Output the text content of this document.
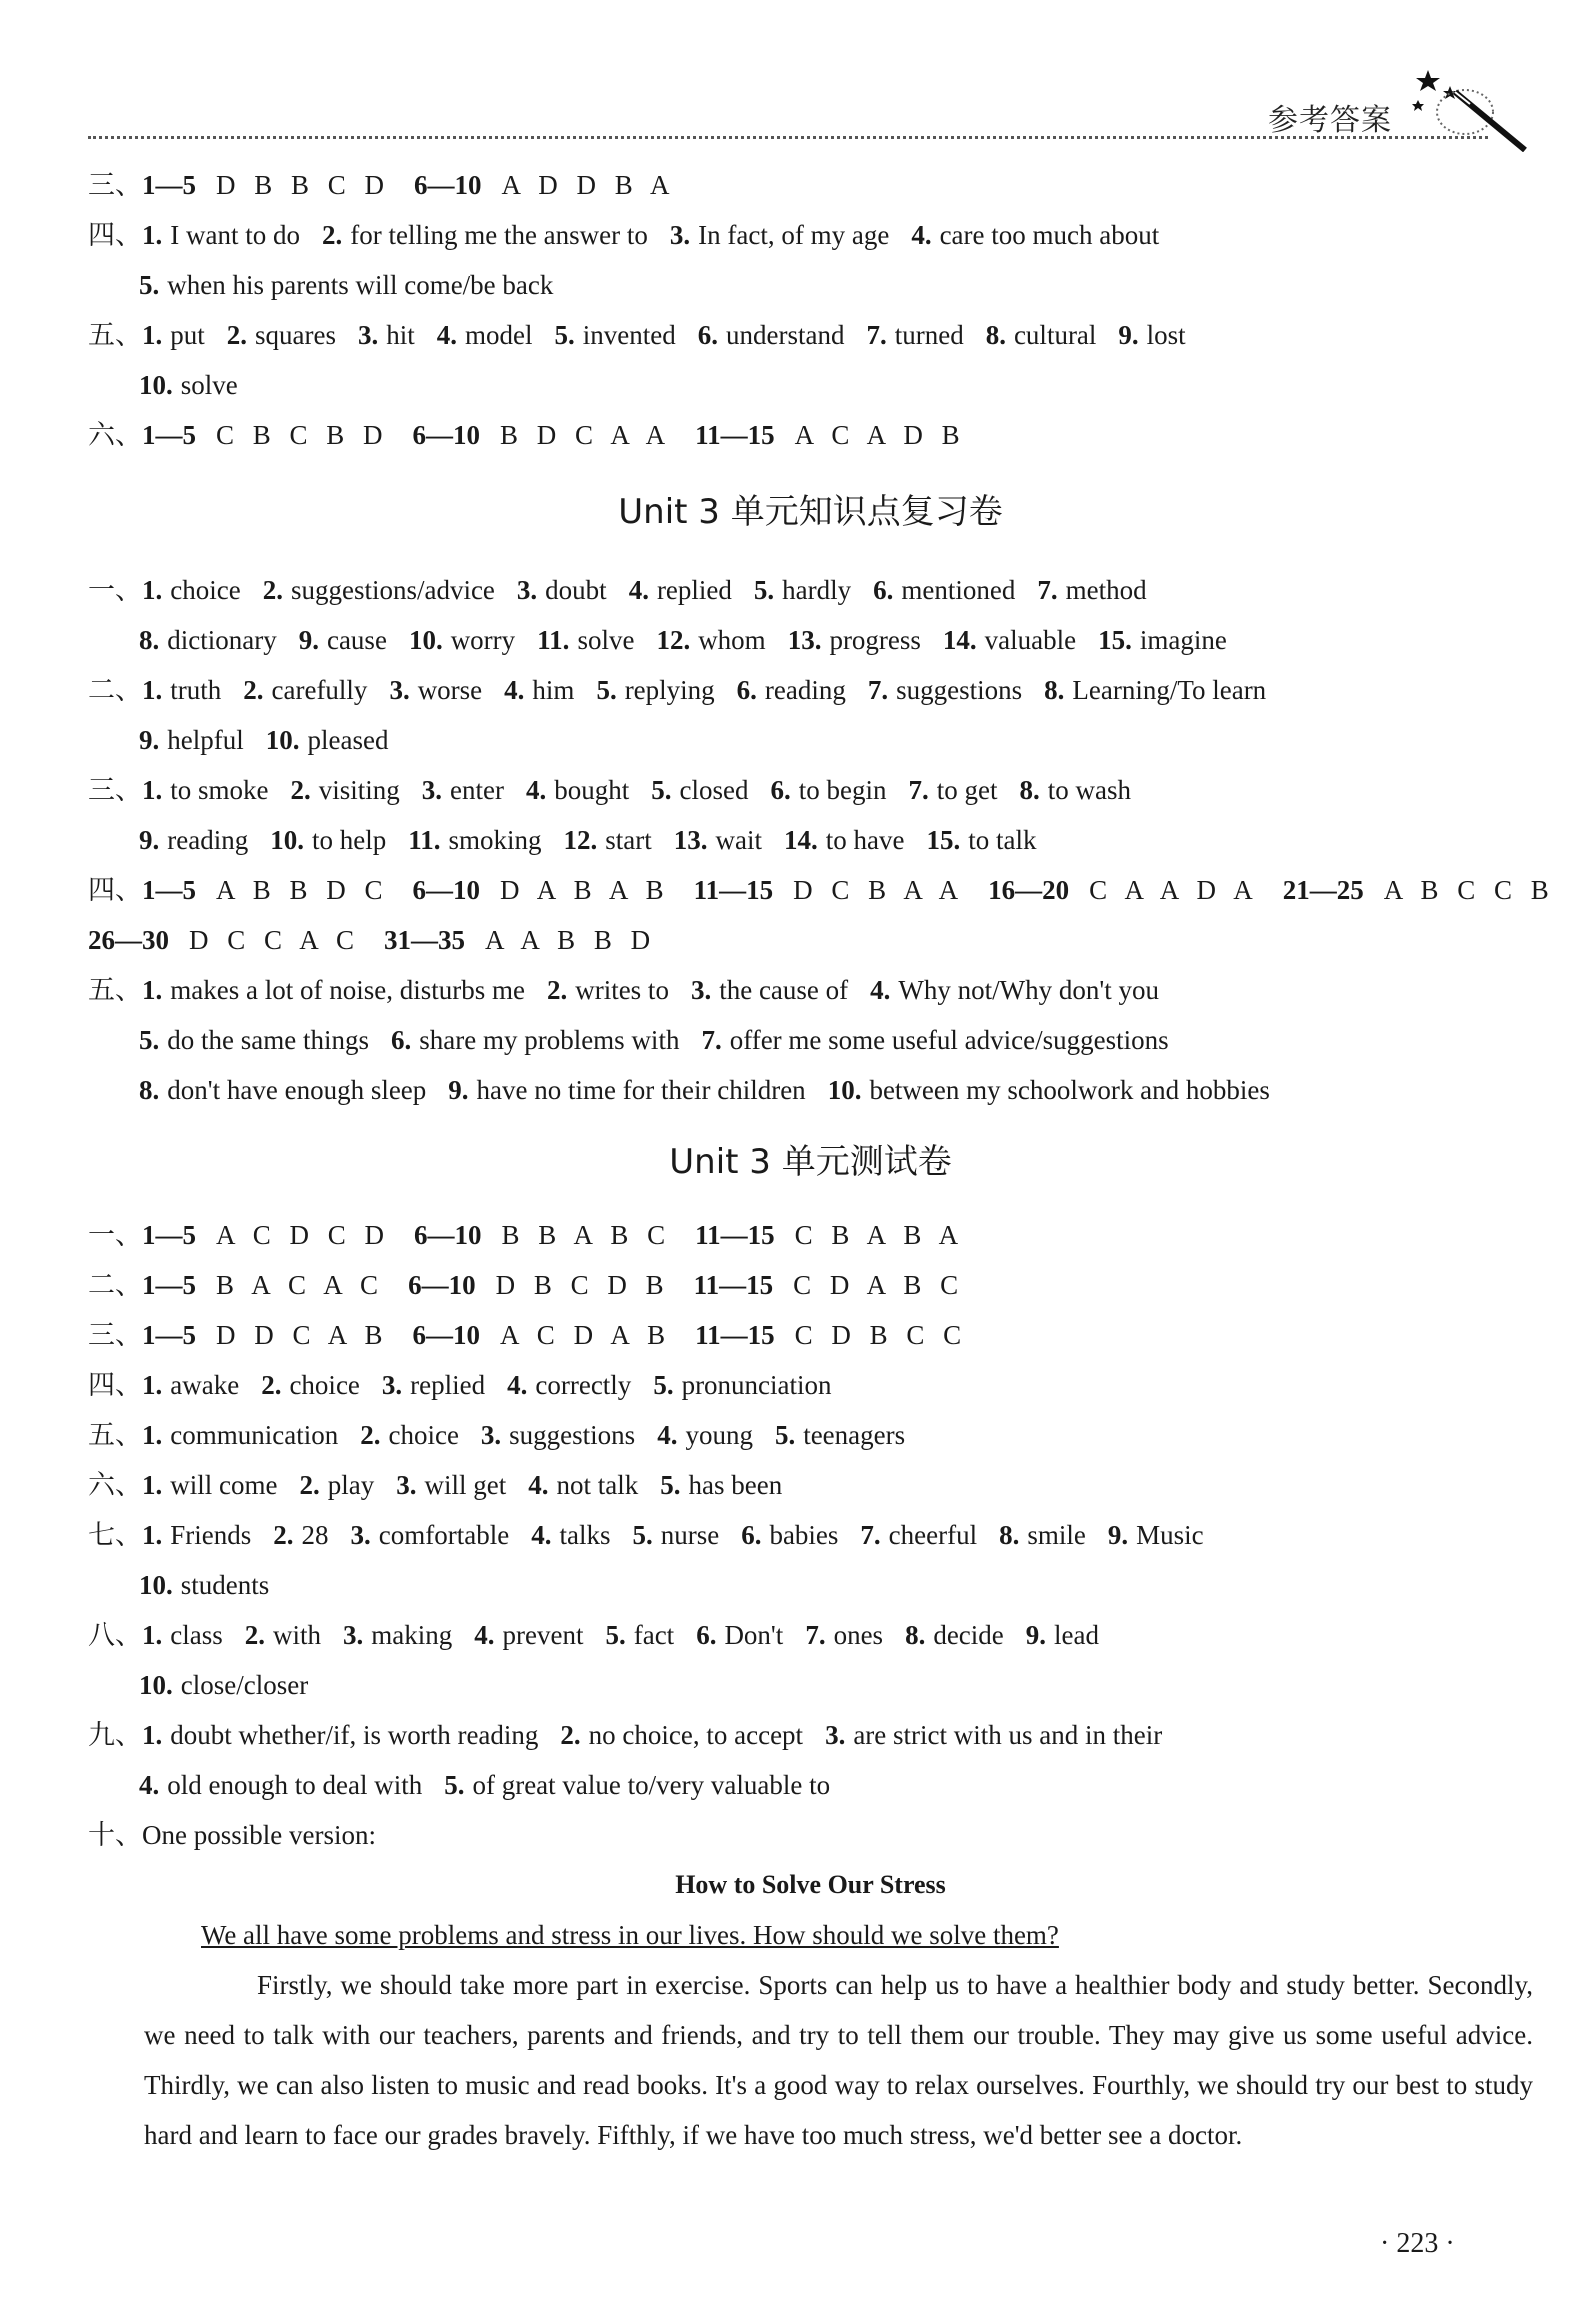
参考答案
三、1—5 D B B C D 6—10 A D D B A
四、1. I want to do 2. for telling me the answer to 3. In fact, of my age 4. care too much about
5. when his parents will come/be back
五、1. put 2. squares 3. hit 4. model 5. invented 6. understand 7. turned 8. cultural 9. lost
10. solve
六、1—5 C B C B D 6—10 B D C A A 11—15 A C A D B
Unit 3 单元知识点复习卷
一、1. choice 2. suggestions/advice 3. doubt 4. replied 5. hardly 6. mentioned 7. method
8. dictionary 9. cause 10. worry 11. solve 12. whom 13. progress 14. valuable 15. imagine
二、1. truth 2. carefully 3. worse 4. him 5. replying 6. reading 7. suggestions 8. Learning/To learn
9. helpful 10. pleased
三、1. to smoke 2. visiting 3. enter 4. bought 5. closed 6. to begin 7. to get 8. to wash
9. reading 10. to help 11. smoking 12. start 13. wait 14. to have 15. to talk
四、1—5 A B B D C 6—10 D A B A B 11—15 D C B A A 16—20 C A A D A 21—25 A B C C B
26—30 D C C A C 31—35 A A B B D
五、1. makes a lot of noise, disturbs me 2. writes to 3. the cause of 4. Why not/Why don't you
5. do the same things 6. share my problems with 7. offer me some useful advice/suggestions
8. don't have enough sleep 9. have no time for their children 10. between my schoolwork and hobbies
Unit 3 单元测试卷
一、1—5 A C D C D 6—10 B B A B C 11—15 C B A B A
二、1—5 B A C A C 6—10 D B C D B 11—15 C D A B C
三、1—5 D D C A B 6—10 A C D A B 11—15 C D B C C
四、1. awake 2. choice 3. replied 4. correctly 5. pronunciation
五、1. communication 2. choice 3. suggestions 4. young 5. teenagers
六、1. will come 2. play 3. will get 4. not talk 5. has been
七、1. Friends 2. 28 3. comfortable 4. talks 5. nurse 6. babies 7. cheerful 8. smile 9. Music
10. students
八、1. class 2. with 3. making 4. prevent 5. fact 6. Don't 7. ones 8. decide 9. lead
10. close/closer
九、1. doubt whether/if, is worth reading 2. no choice, to accept 3. are strict with us and in their
4. old enough to deal with 5. of great value to/very valuable to
十、One possible version:
How to Solve Our Stress
We all have some problems and stress in our lives. How should we solve them?

Firstly, we should take more part in exercise. Sports can help us to have a healthier body and study better. Secondly, we need to talk with our teachers, parents and friends, and try to tell them our trouble. They may give us some useful advice. Thirdly, we can also listen to music and read books. It's a good way to relax ourselves. Fourthly, we should try our best to study hard and learn to face our grades bravely. Fifthly, if we have too much stress, we'd better see a doctor.

· 223 ·
